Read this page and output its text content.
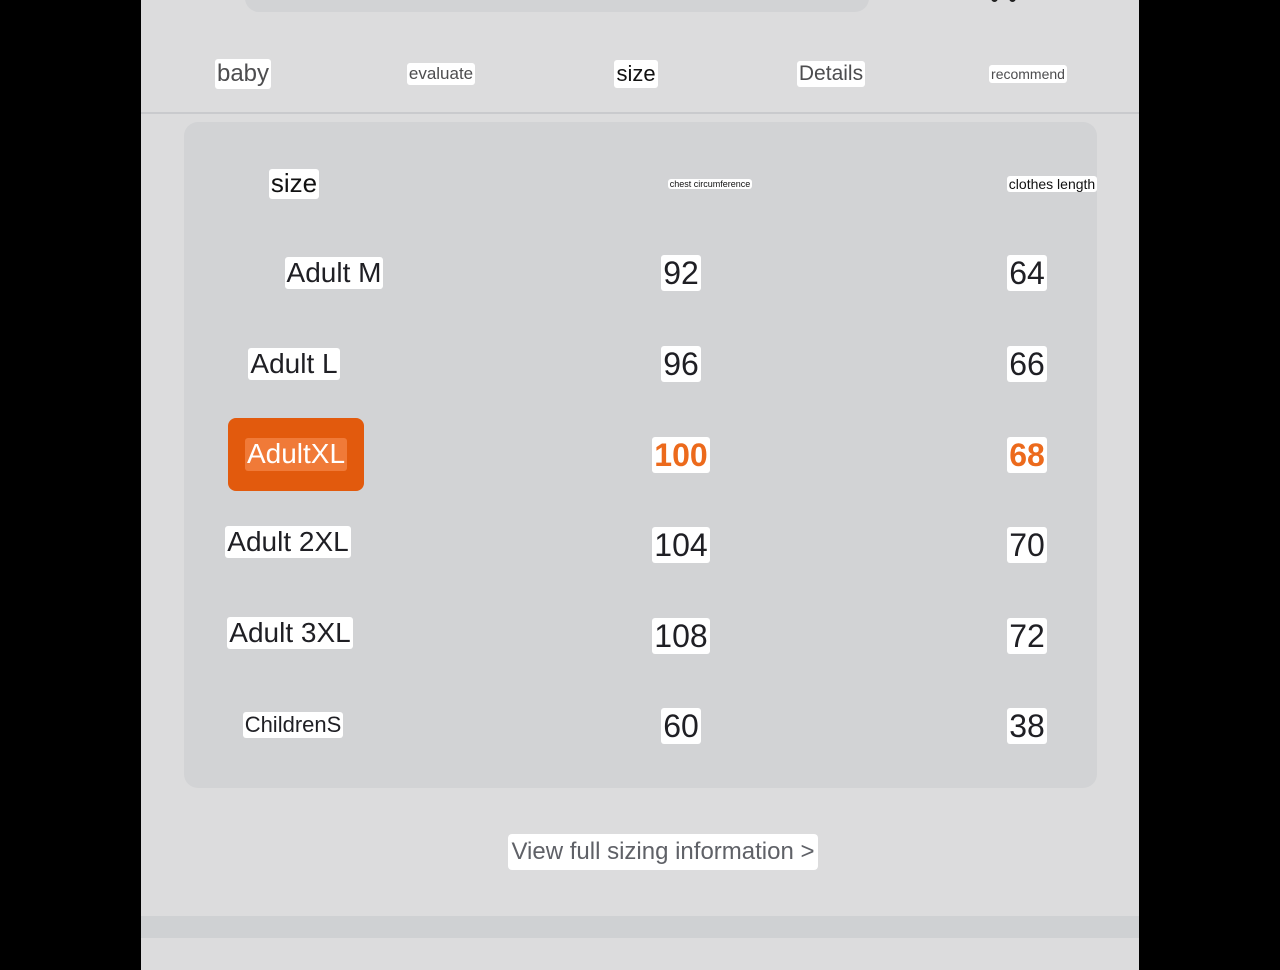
baby	evaluate	size	Details	recommend
size	chest circumference	clothes length
Adult M	92	64
Adult L	96	66
AdultXL	100	68
Adult 2XL	104	70
Adult 3XL	108	72
ChildrenS	60	38
View full sizing information >
